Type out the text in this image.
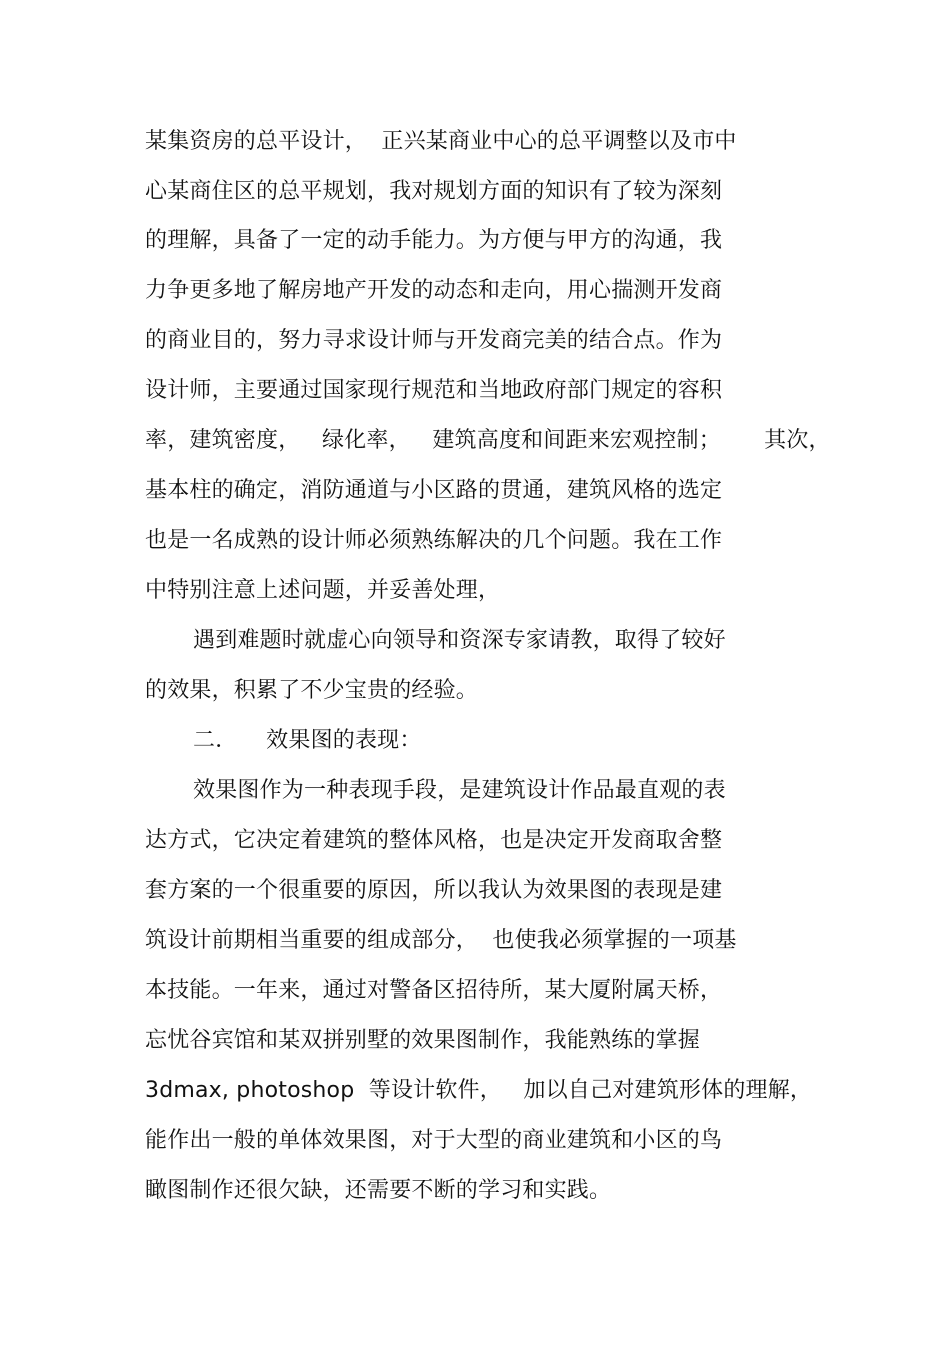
某集资房的总平设计，  正兴某商业中心的总平调整以及市中
心某商住区的总平规划，我对规划方面的知识有了较为深刻
的理解，具备了一定的动手能力。为方便与甲方的沟通，我
力争更多地了解房地产开发的动态和走向，用心揣测开发商
的商业目的，努力寻求设计师与开发商完美的结合点。作为
设计师，主要通过国家现行规范和当地政府部门规定的容积
率，建筑密度，   绿化率，   建筑高度和间距来宏观控制；      其次，
基本柱的确定，消防通道与小区路的贯通，建筑风格的选定
也是一名成熟的设计师必须熟练解决的几个问题。我在工作
中特别注意上述问题，并妥善处理，
遇到难题时就虚心向领导和资深专家请教，取得了较好
的效果，积累了不少宝贵的经验。
二．    效果图的表现：
效果图作为一种表现手段，是建筑设计作品最直观的表
达方式，它决定着建筑的整体风格，也是决定开发商取舍整
套方案的一个很重要的原因，所以我认为效果图的表现是建
筑设计前期相当重要的组成部分，  也使我必须掌握的一项基
本技能。一年来，通过对警备区招待所，某大厦附属天桥，
忘忧谷宾馆和某双拼别墅的效果图制作，我能熟练的掌握
3dmax, photoshop  等设计软件，   加以自己对建筑形体的理解，
能作出一般的单体效果图，对于大型的商业建筑和小区的鸟
瞰图制作还很欠缺，还需要不断的学习和实践。
